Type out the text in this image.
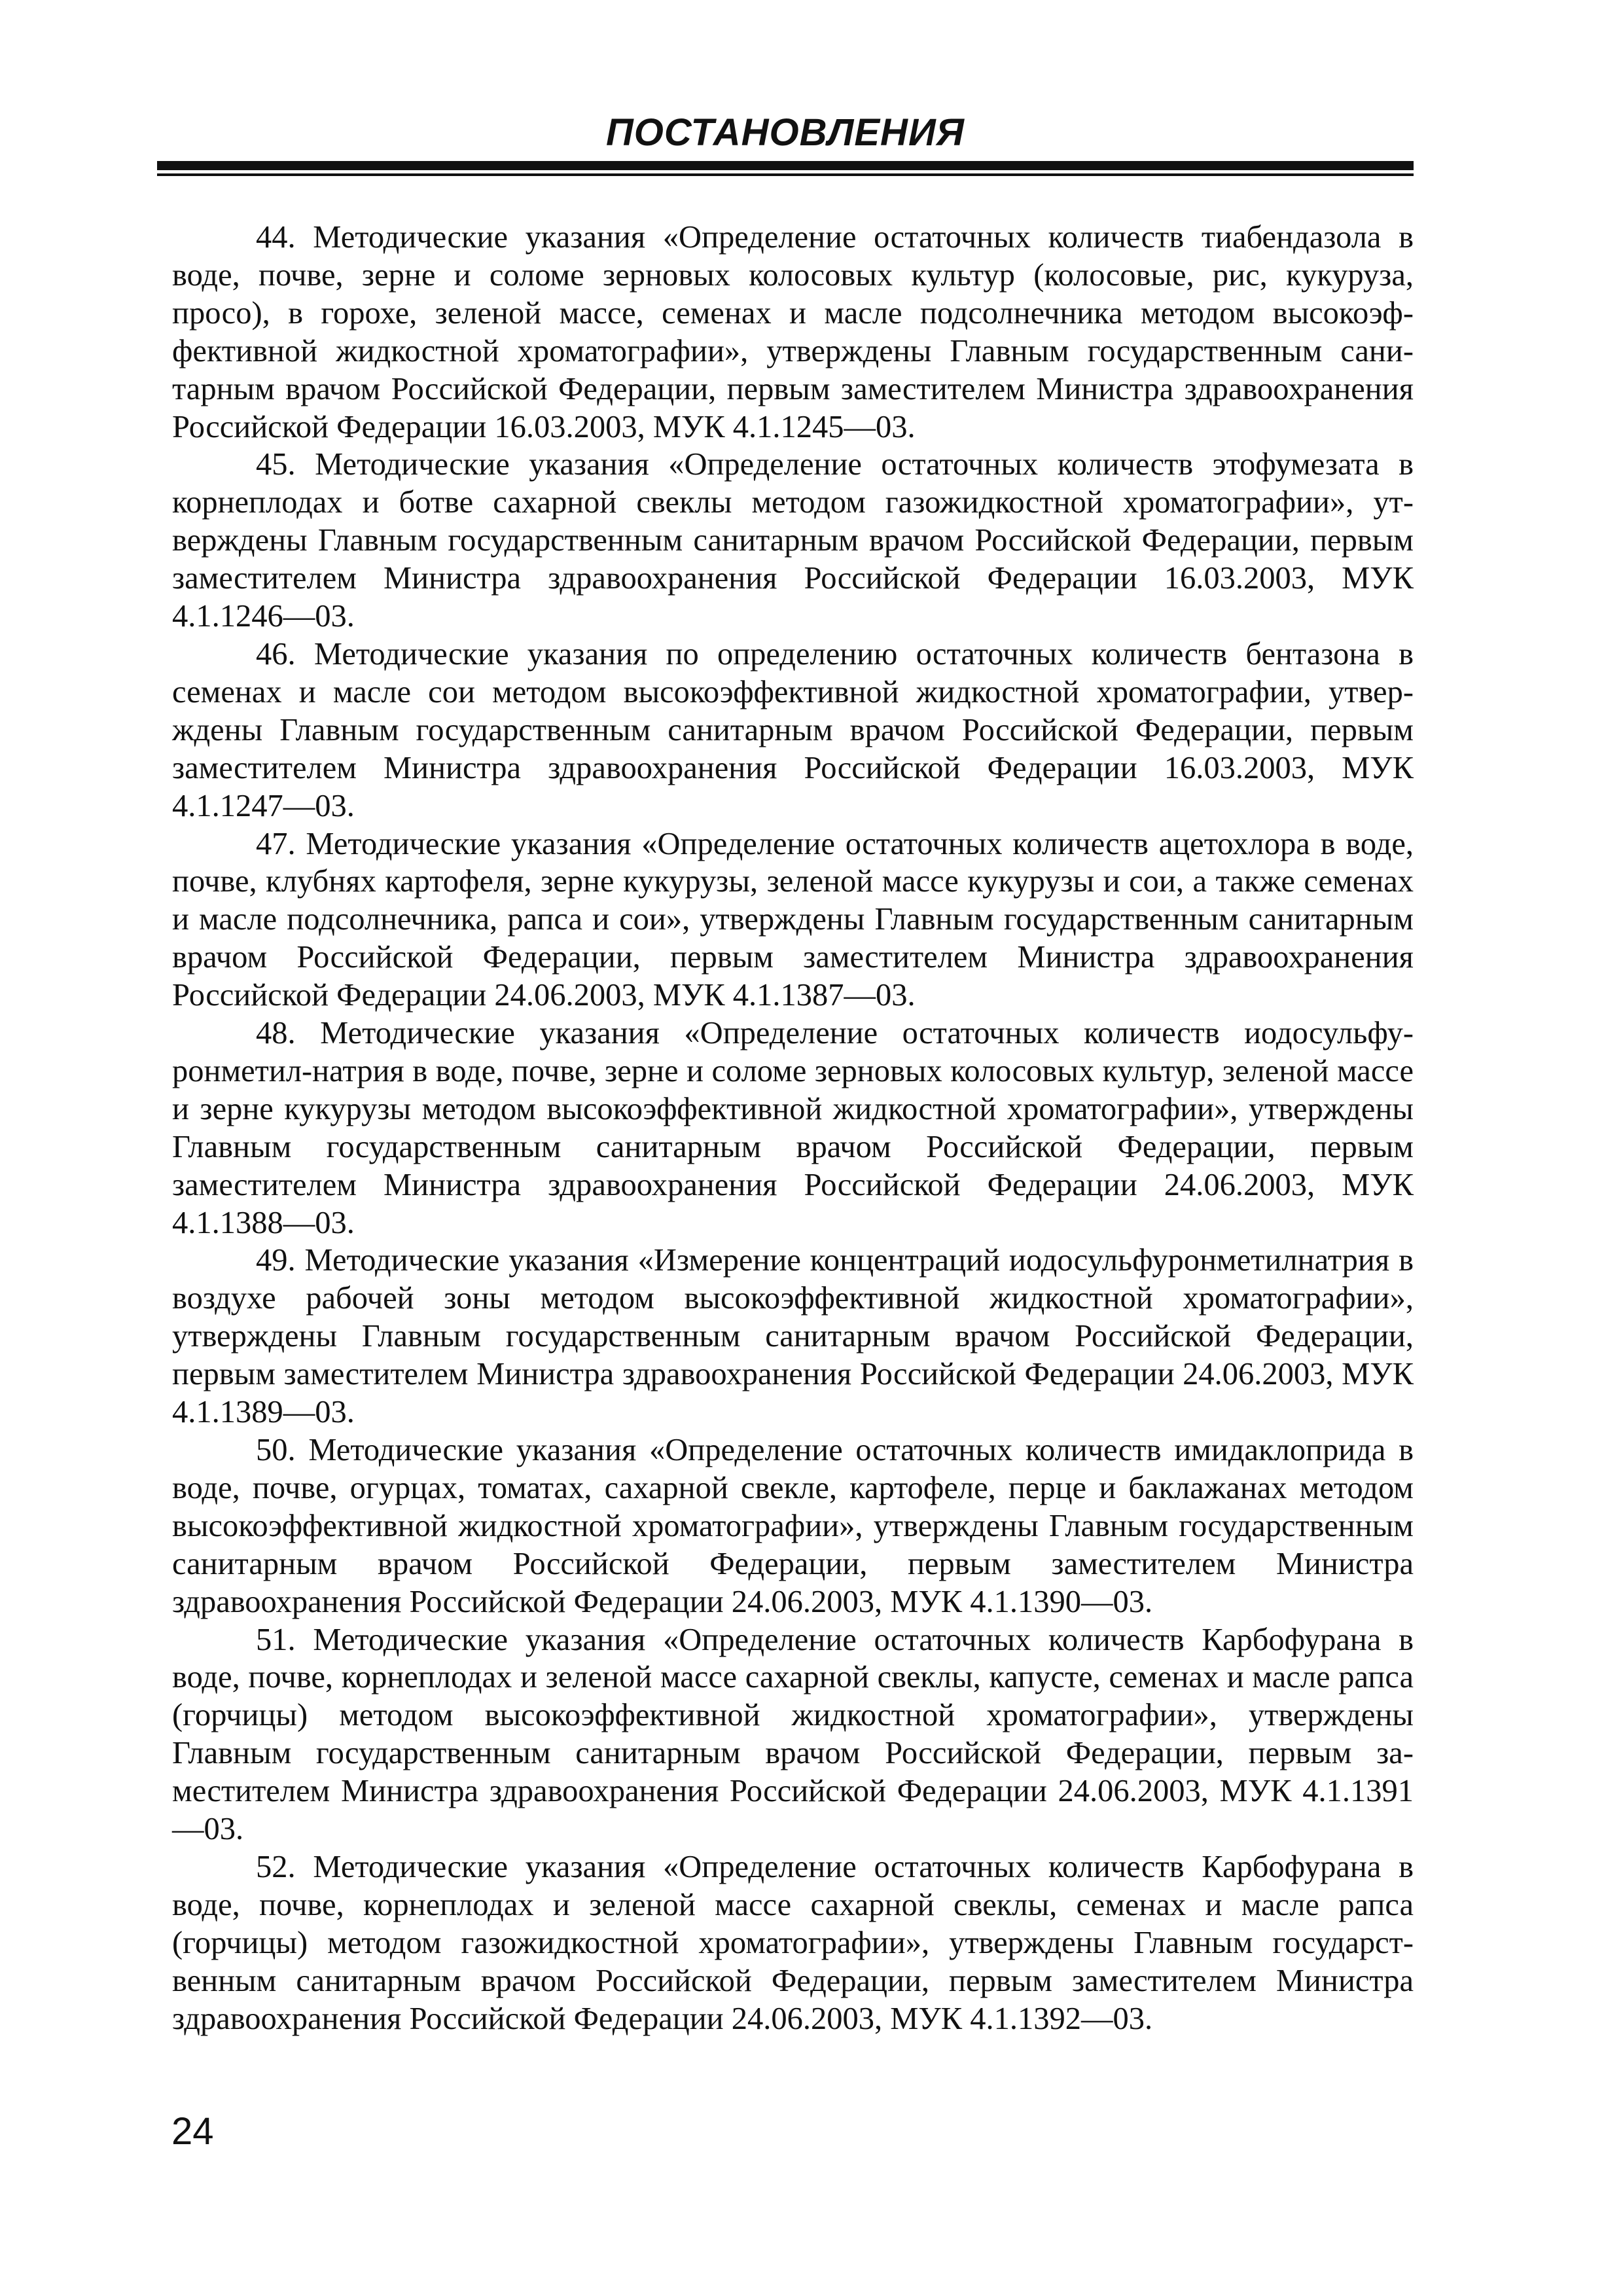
ПОСТАНОВЛЕНИЯ

44. Методические указания «Определение остаточных количеств тиабендазола в воде, почве, зерне и соломе зерновых колосовых культур (колосовые, рис, кукуруза, просо), в горохе, зеленой массе, семенах и масле подсолнечника методом высокоэффективной жидкостной хроматографии», утверждены Главным государственным санитарным врачом Российской Федерации, первым заместителем Министра здравоохранения Российской Федерации 16.03.2003, МУК 4.1.1245—03.

45. Методические указания «Определение остаточных количеств этофумезата в корнеплодах и ботве сахарной свеклы методом газожидкостной хроматографии», утверждены Главным государственным санитарным врачом Российской Федерации, первым заместителем Министра здравоохранения Российской Федерации 16.03.2003, МУК 4.1.1246—03.

46. Методические указания по определению остаточных количеств бентазона в семенах и масле сои методом высокоэффективной жидкостной хроматографии, утверждены Главным государственным санитарным врачом Российской Федерации, первым заместителем Министра здравоохранения Российской Федерации 16.03.2003, МУК 4.1.1247—03.

47. Методические указания «Определение остаточных количеств ацетохлора в воде, почве, клубнях картофеля, зерне кукурузы, зеленой массе кукурузы и сои, а также семенах и масле подсолнечника, рапса и сои», утверждены Главным государственным санитарным врачом Российской Федерации, первым заместителем Министра здравоохранения Российской Федерации 24.06.2003, МУК 4.1.1387—03.

48. Методические указания «Определение остаточных количеств иодосульфуронметил-натрия в воде, почве, зерне и соломе зерновых колосовых культур, зеленой массе и зерне кукурузы методом высокоэффективной жидкостной хроматографии», утверждены Главным государственным санитарным врачом Российской Федерации, первым заместителем Министра здравоохранения Российской Федерации 24.06.2003, МУК 4.1.1388—03.

49. Методические указания «Измерение концентраций иодосульфуронметилнатрия в воздухе рабочей зоны методом высокоэффективной жидкостной хроматографии», утверждены Главным государственным санитарным врачом Российской Федерации, первым заместителем Министра здравоохранения Российской Федерации 24.06.2003, МУК 4.1.1389—03.

50. Методические указания «Определение остаточных количеств имидаклоприда в воде, почве, огурцах, томатах, сахарной свекле, картофеле, перце и баклажанах методом высокоэффективной жидкостной хроматографии», утверждены Главным государственным санитарным врачом Российской Федерации, первым заместителем Министра здравоохранения Российской Федерации 24.06.2003, МУК 4.1.1390—03.

51. Методические указания «Определение остаточных количеств Карбофурана в воде, почве, корнеплодах и зеленой массе сахарной свеклы, капусте, семенах и масле рапса (горчицы) методом высокоэффективной жидкостной хроматографии», утверждены Главным государственным санитарным врачом Российской Федерации, первым заместителем Министра здравоохранения Российской Федерации 24.06.2003, МУК 4.1.1391—03.

52. Методические указания «Определение остаточных количеств Карбофурана в воде, почве, корнеплодах и зеленой массе сахарной свеклы, семенах и масле рапса (горчицы) методом газожидкостной хроматографии», утверждены Главным государственным санитарным врачом Российской Федерации, первым заместителем Министра здравоохранения Российской Федерации 24.06.2003, МУК 4.1.1392—03.

24
